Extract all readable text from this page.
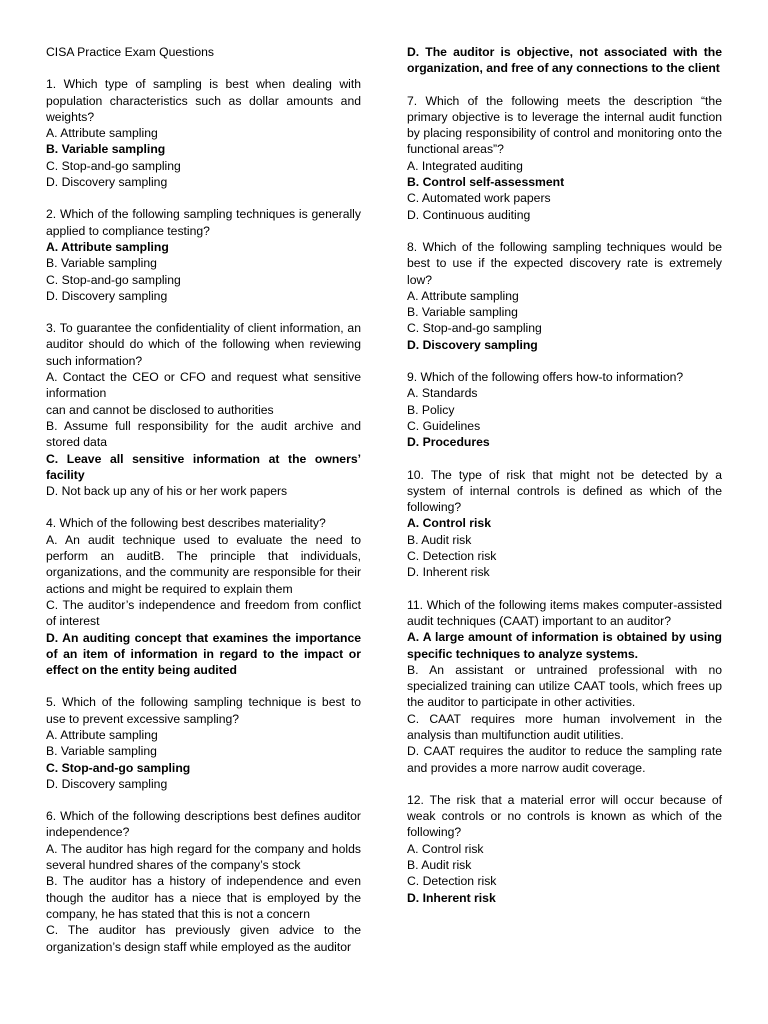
CISA Practice Exam Questions
1. Which type of sampling is best when dealing with population characteristics such as dollar amounts and weights?
A. Attribute sampling
B. Variable sampling
C. Stop-and-go sampling
D. Discovery sampling
2. Which of the following sampling techniques is generally applied to compliance testing?
A. Attribute sampling
B. Variable sampling
C. Stop-and-go sampling
D. Discovery sampling
3. To guarantee the confidentiality of client information, an auditor should do which of the following when reviewing such information?
A. Contact the CEO or CFO and request what sensitive information
can and cannot be disclosed to authorities
B. Assume full responsibility for the audit archive and stored data
C. Leave all sensitive information at the owners’ facility
D. Not back up any of his or her work papers
4. Which of the following best describes materiality?
A. An audit technique used to evaluate the need to perform an auditB. The principle that individuals, organizations, and the community are responsible for their actions and might be required to explain them
C. The auditor’s independence and freedom from conflict of interest
D. An auditing concept that examines the importance of an item of information in regard to the impact or effect on the entity being audited
5. Which of the following sampling technique is best to use to prevent excessive sampling?
A. Attribute sampling
B. Variable sampling
C. Stop-and-go sampling
D. Discovery sampling
6. Which of the following descriptions best defines auditor independence?
A. The auditor has high regard for the company and holds several hundred shares of the company’s stock
B. The auditor has a history of independence and even though the auditor has a niece that is employed by the company, he has stated that this is not a concern
C. The auditor has previously given advice to the organization’s design staff while employed as the auditor
D. The auditor is objective, not associated with the organization, and free of any connections to the client
7. Which of the following meets the description “the primary objective is to leverage the internal audit function by placing responsibility of control and monitoring onto the functional areas”?
A. Integrated auditing
B. Control self-assessment
C. Automated work papers
D. Continuous auditing
8. Which of the following sampling techniques would be best to use if the expected discovery rate is extremely low?
A. Attribute sampling
B. Variable sampling
C. Stop-and-go sampling
D. Discovery sampling
9. Which of the following offers how-to information?
A. Standards
B. Policy
C. Guidelines
D. Procedures
10. The type of risk that might not be detected by a system of internal controls is defined as which of the following?
A. Control risk
B. Audit risk
C. Detection risk
D. Inherent risk
11. Which of the following items makes computer-assisted audit techniques (CAAT) important to an auditor?
A. A large amount of information is obtained by using specific techniques to analyze systems.
B. An assistant or untrained professional with no specialized training can utilize CAAT tools, which frees up the auditor to participate in other activities.
C. CAAT requires more human involvement in the analysis than multifunction audit utilities.
D. CAAT requires the auditor to reduce the sampling rate and provides a more narrow audit coverage.
12. The risk that a material error will occur because of weak controls or no controls is known as which of the following?
A. Control risk
B. Audit risk
C. Detection risk
D. Inherent risk
